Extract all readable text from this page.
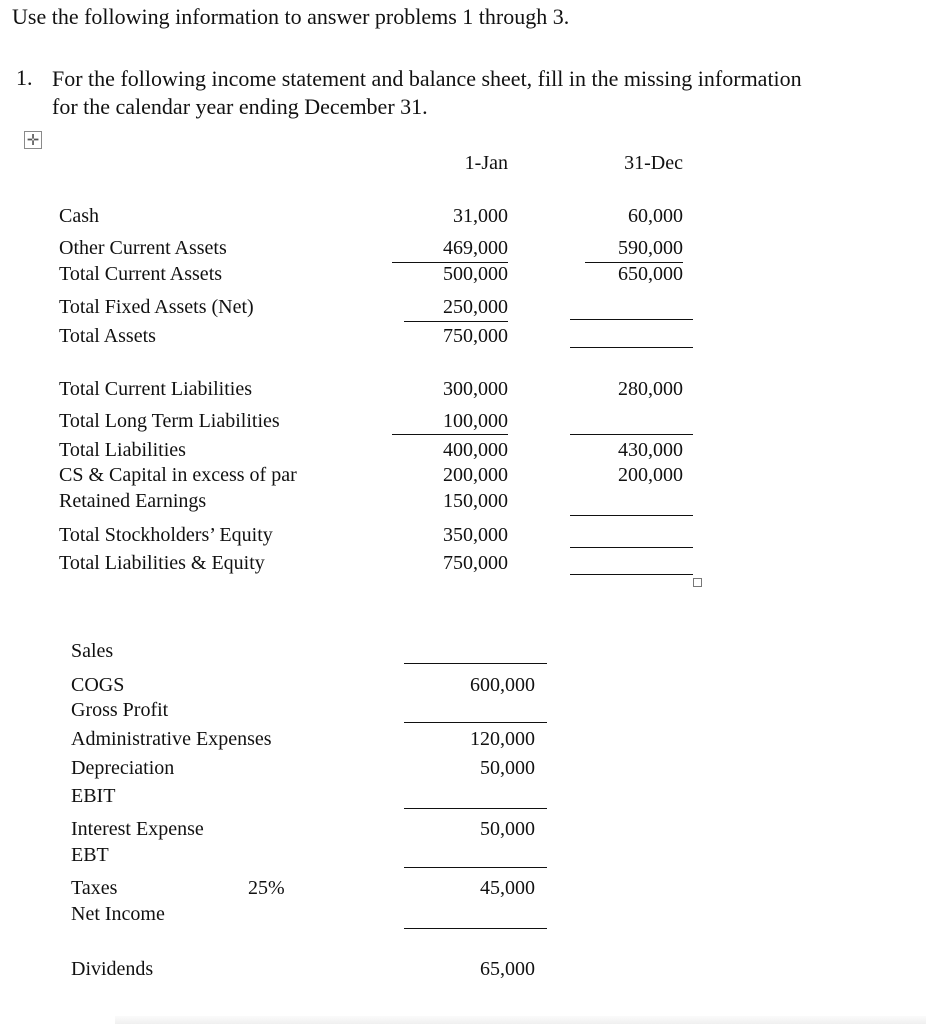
Use the following information to answer problems 1 through 3.
1. For the following income statement and balance sheet, fill in the missing information
for the calendar year ending December 31.
✛
1-Jan	31-Dec
Cash	31,000	60,000
Other Current Assets	469,000	590,000
Total Current Assets	500,000	650,000
Total Fixed Assets (Net)	250,000
Total Assets	750,000
Total Current Liabilities	300,000	280,000
Total Long Term Liabilities	100,000
Total Liabilities	400,000	430,000
CS & Capital in excess of par	200,000	200,000
Retained Earnings	150,000
Total Stockholders’ Equity	350,000
Total Liabilities & Equity	750,000
Sales
COGS	600,000
Gross Profit
Administrative Expenses	120,000
Depreciation	50,000
EBIT
Interest Expense	50,000
EBT
Taxes	25%	45,000
Net Income
Dividends	65,000
